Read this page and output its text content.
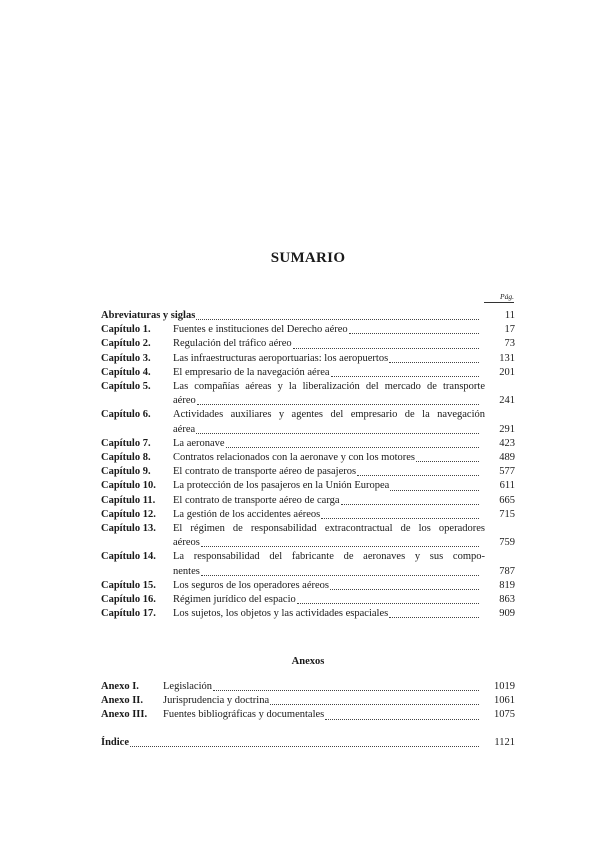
SUMARIO
Pág.
Abreviaturas y siglas	11
Capítulo 1.	Fuentes e instituciones del Derecho aéreo	17
Capítulo 2.	Regulación del tráfico aéreo	73
Capítulo 3.	Las infraestructuras aeroportuarias: los aeropuertos	131
Capítulo 4.	El empresario de la navegación aérea	201
Capítulo 5.	Las compañías aéreas y la liberalización del mercado de transporte
aéreo	241
Capítulo 6.	Actividades auxiliares y agentes del empresario de la navegación
aérea	291
Capítulo 7.	La aeronave	423
Capítulo 8.	Contratos relacionados con la aeronave y con los motores	489
Capítulo 9.	El contrato de transporte aéreo de pasajeros	577
Capítulo 10.	La protección de los pasajeros en la Unión Europea	611
Capítulo 11.	El contrato de transporte aéreo de carga	665
Capítulo 12.	La gestión de los accidentes aéreos	715
Capítulo 13.	El régimen de responsabilidad extracontractual de los operadores
aéreos	759
Capítulo 14.	La responsabilidad del fabricante de aeronaves y sus compo-
nentes	787
Capítulo 15.	Los seguros de los operadores aéreos	819
Capítulo 16.	Régimen jurídico del espacio	863
Capítulo 17.	Los sujetos, los objetos y las actividades espaciales	909
Anexos
Anexo I.	Legislación	1019
Anexo II.	Jurisprudencia y doctrina	1061
Anexo III.	Fuentes bibliográficas y documentales	1075
Índice	1121
